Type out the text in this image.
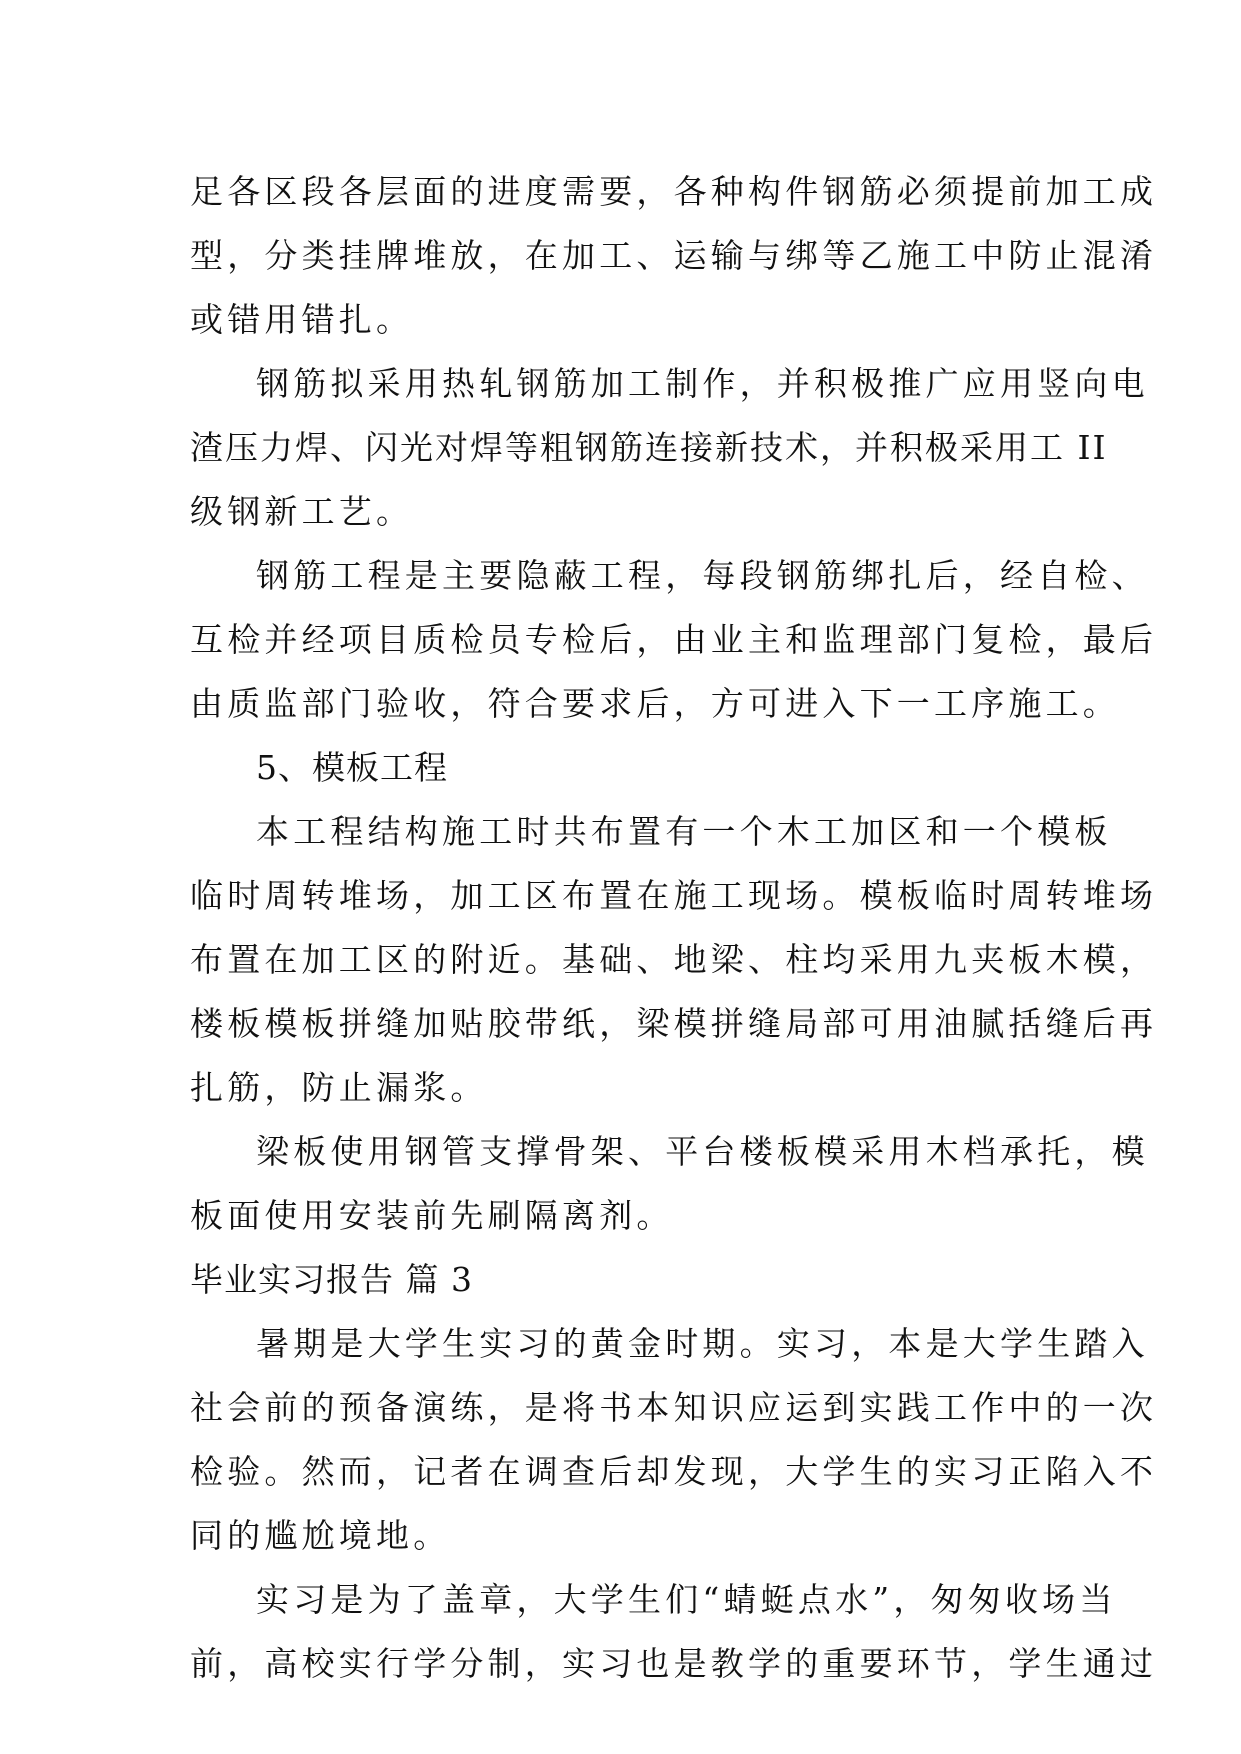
足各区段各层面的进度需要，各种构件钢筋必须提前加工成
型，分类挂牌堆放，在加工、运输与绑等乙施工中防止混淆
或错用错扎。
钢筋拟采用热轧钢筋加工制作，并积极推广应用竖向电
渣压力焊、闪光对焊等粗钢筋连接新技术，并积极采用工 II
级钢新工艺。
钢筋工程是主要隐蔽工程，每段钢筋绑扎后，经自检、
互检并经项目质检员专检后，由业主和监理部门复检，最后
由质监部门验收，符合要求后，方可进入下一工序施工。
5、模板工程
本工程结构施工时共布置有一个木工加区和一个模板
临时周转堆场，加工区布置在施工现场。模板临时周转堆场
布置在加工区的附近。基础、地梁、柱均采用九夹板木模，
楼板模板拼缝加贴胶带纸，梁模拼缝局部可用油腻括缝后再
扎筋，防止漏浆。
梁板使用钢管支撑骨架、平台楼板模采用木档承托，模
板面使用安装前先刷隔离剂。
毕业实习报告 篇 3
暑期是大学生实习的黄金时期。实习，本是大学生踏入
社会前的预备演练，是将书本知识应运到实践工作中的一次
检验。然而，记者在调查后却发现，大学生的实习正陷入不
同的尴尬境地。
实习是为了盖章，大学生们“蜻蜓点水”，匆匆收场当
前，高校实行学分制，实习也是教学的重要环节，学生通过
